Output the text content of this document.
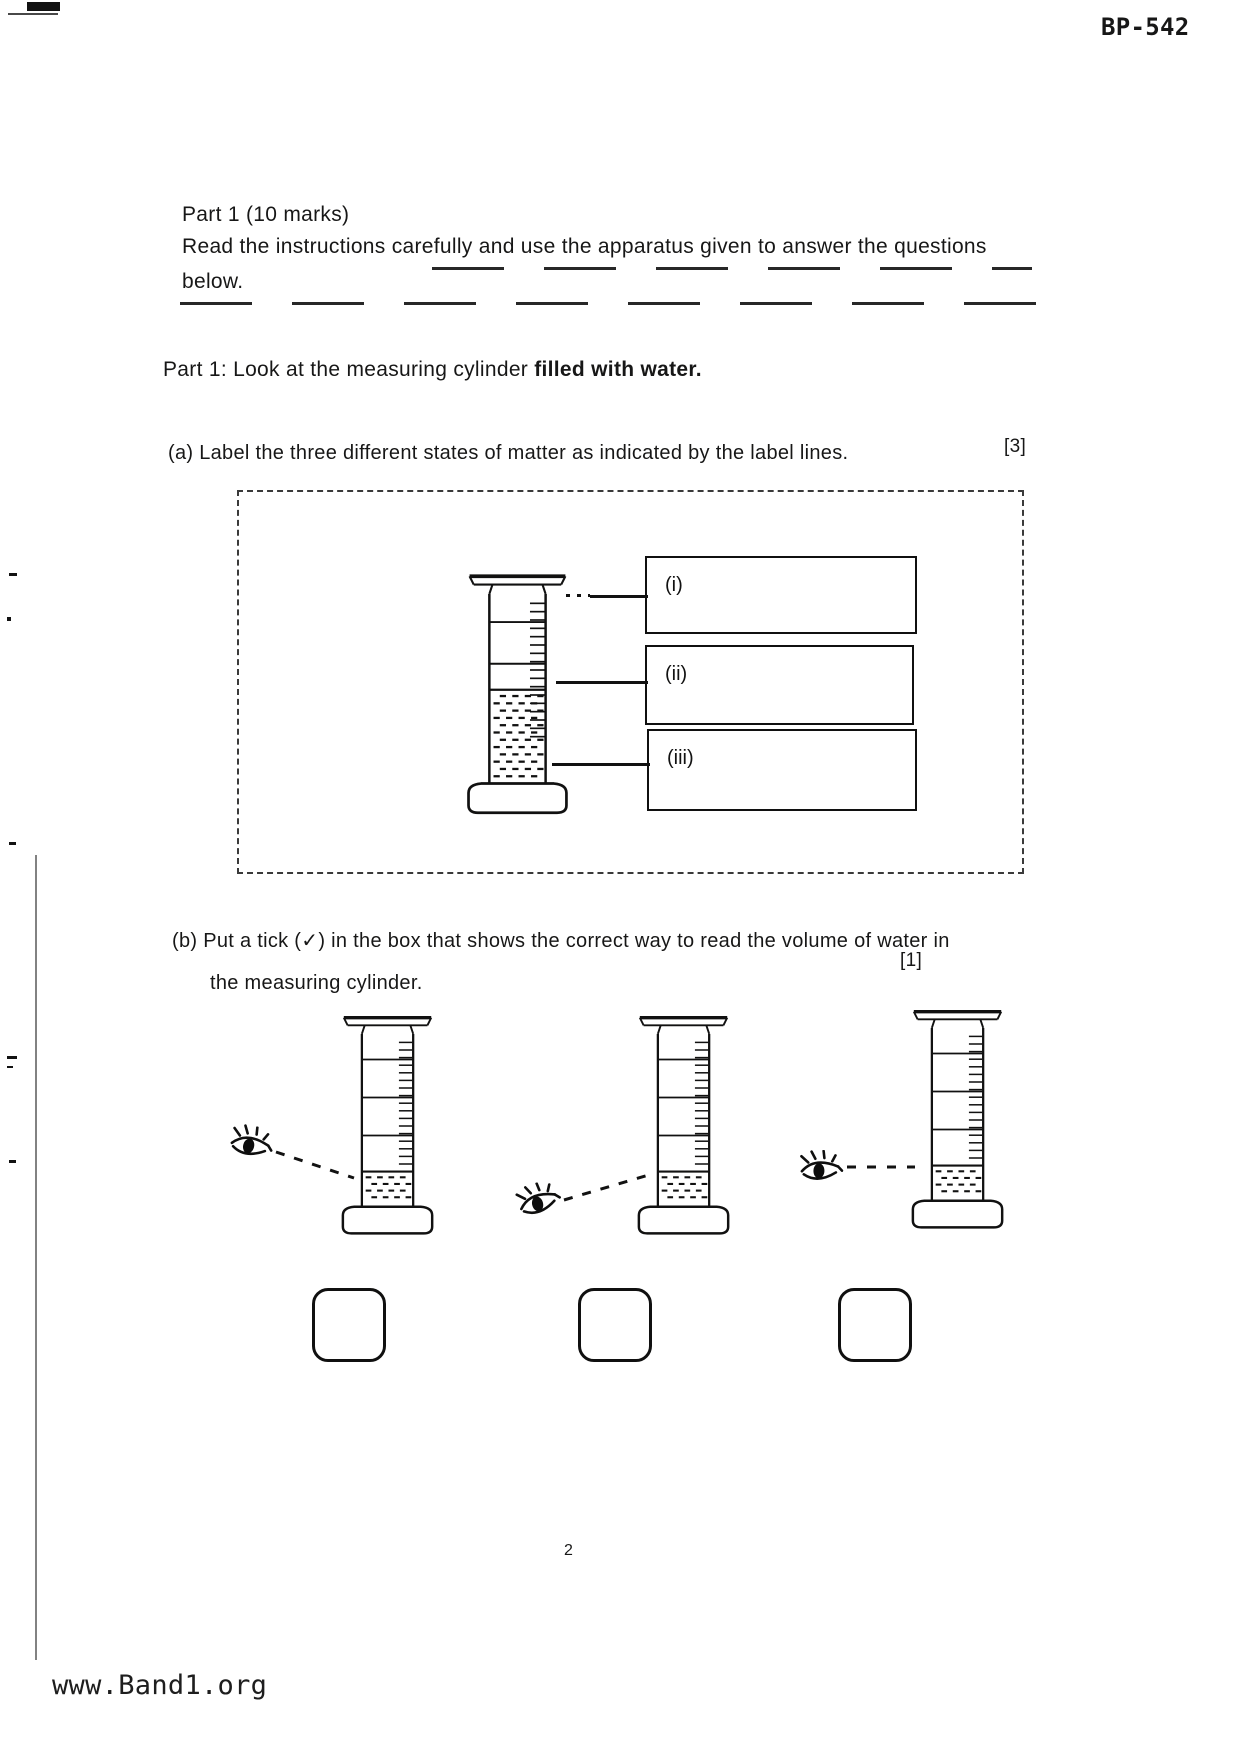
BP-542
Part 1 (10 marks)
Read the instructions carefully and use the apparatus given to answer the questions
below.
Part 1: Look at the measuring cylinder filled with water.
(a) Label the three different states of matter as indicated by the label lines.	[3]
(i)
(ii)
(iii)
(b) Put a tick (✓) in the box that shows the correct way to read the volume of water in
[1]
the measuring cylinder.
2
www.Band1.org
